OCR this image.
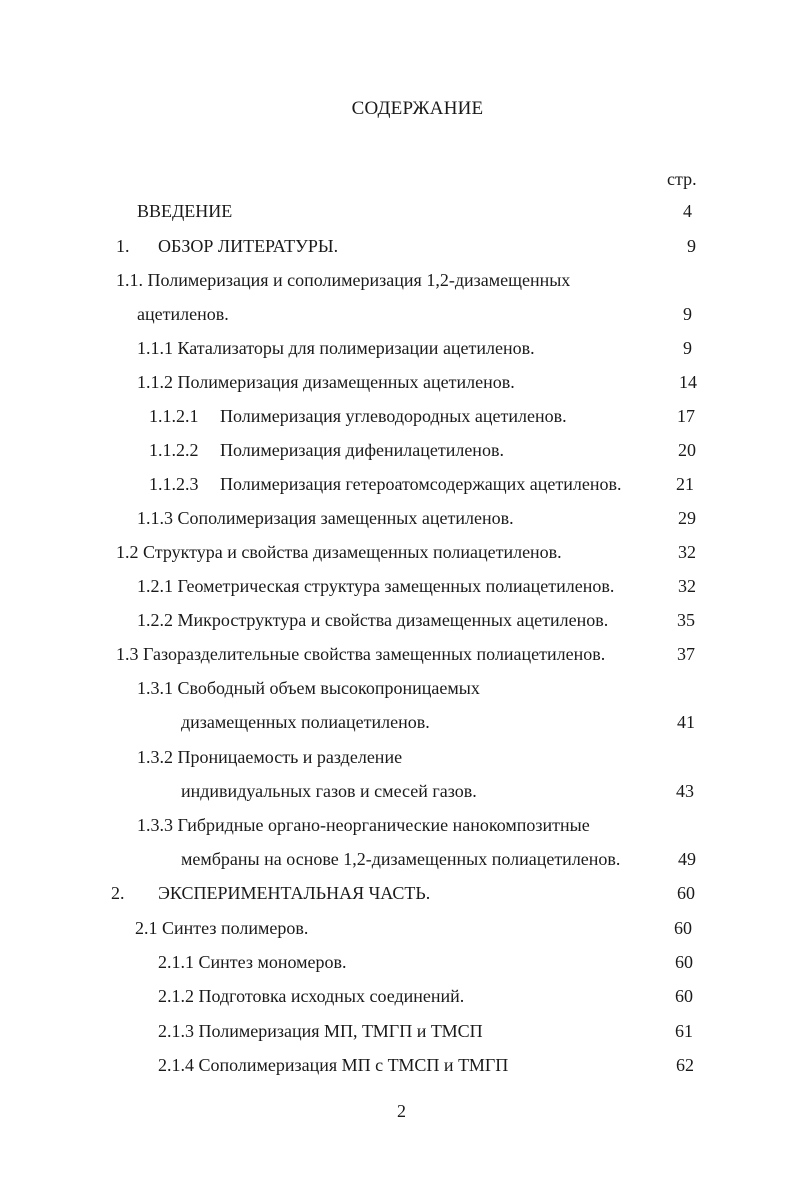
СОДЕРЖАНИЕ
стр.
ВВЕДЕНИЕ	4
1. ОБЗОР ЛИТЕРАТУРЫ.	9
1.1. Полимеризация и сополимеризация 1,2-дизамещенных
ацетиленов.	9
1.1.1 Катализаторы для полимеризации ацетиленов.	9
1.1.2 Полимеризация дизамещенных ацетиленов.	14
1.1.2.1 Полимеризация углеводородных ацетиленов.	17
1.1.2.2 Полимеризация дифенилацетиленов.	20
1.1.2.3 Полимеризация гетероатомсодержащих ацетиленов.	21
1.1.3 Сополимеризация замещенных ацетиленов.	29
1.2 Структура и свойства дизамещенных полиацетиленов.	32
1.2.1 Геометрическая структура замещенных полиацетиленов.	32
1.2.2 Микроструктура и свойства дизамещенных ацетиленов.	35
1.3 Газоразделительные свойства замещенных полиацетиленов.	37
1.3.1 Свободный объем высокопроницаемых
дизамещенных полиацетиленов.	41
1.3.2 Проницаемость и разделение
индивидуальных газов и смесей газов.	43
1.3.3 Гибридные органо-неорганические нанокомпозитные
мембраны на основе 1,2-дизамещенных полиацетиленов.	49
2. ЭКСПЕРИМЕНТАЛЬНАЯ ЧАСТЬ.	60
2.1 Синтез полимеров.	60
2.1.1 Синтез мономеров.	60
2.1.2 Подготовка исходных соединений.	60
2.1.3 Полимеризация МП, ТМГП и ТМСП	61
2.1.4 Сополимеризация МП с ТМСП и ТМГП	62
2
